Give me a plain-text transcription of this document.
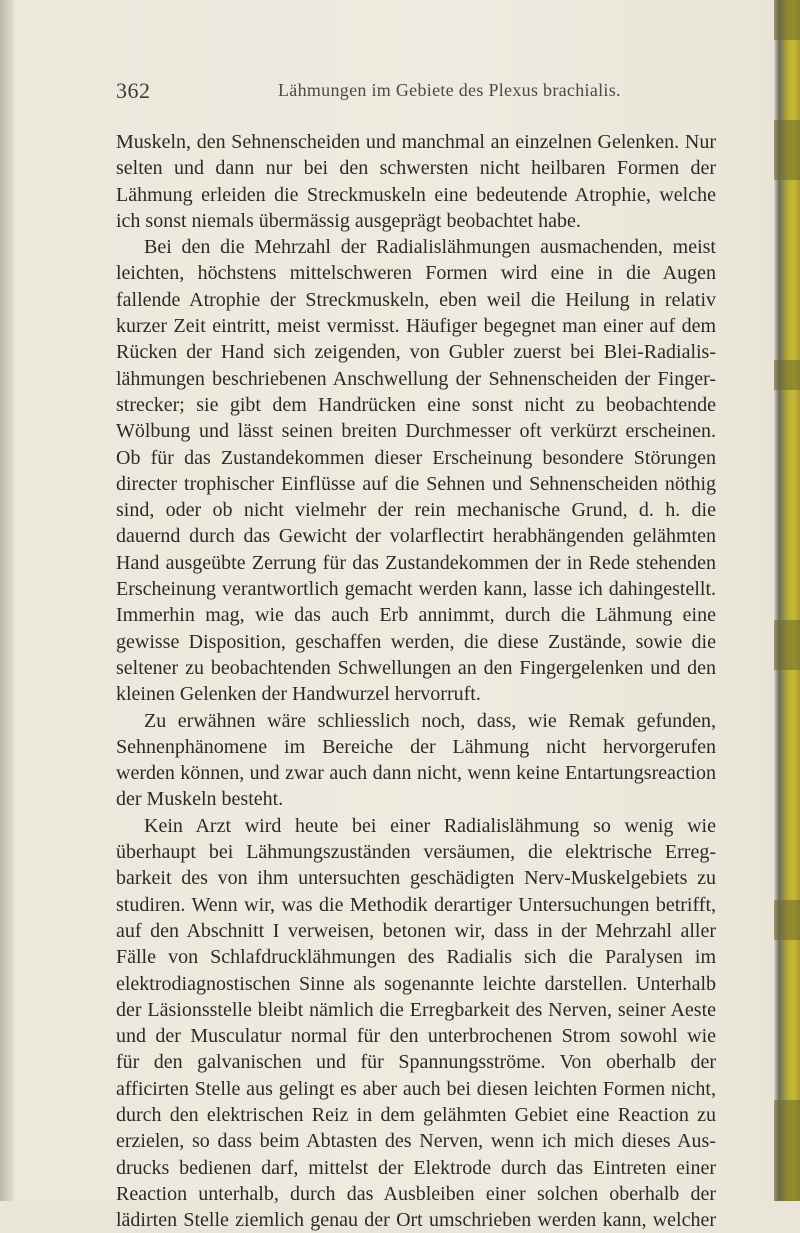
362	Lähmungen im Gebiete des Plexus brachialis.
Muskeln, den Sehnenscheiden und manchmal an einzelnen Gelenken. Nur
selten und dann nur bei den schwersten nicht heilbaren Formen der
Lähmung erleiden die Streckmuskeln eine bedeutende Atrophie, welche
ich sonst niemals übermässig ausgeprägt beobachtet habe.
Bei den die Mehrzahl der Radialislähmungen ausmachenden, meist
leichten, höchstens mittelschweren Formen wird eine in die Augen
fallende Atrophie der Streckmuskeln, eben weil die Heilung in relativ
kurzer Zeit eintritt, meist vermisst. Häufiger begegnet man einer auf dem
Rücken der Hand sich zeigenden, von Gubler zuerst bei Blei-Radialis-
lähmungen beschriebenen Anschwellung der Sehnenscheiden der Finger-
strecker; sie gibt dem Handrücken eine sonst nicht zu beobachtende
Wölbung und lässt seinen breiten Durchmesser oft verkürzt erscheinen.
Ob für das Zustandekommen dieser Erscheinung besondere Störungen
directer trophischer Einflüsse auf die Sehnen und Sehnenscheiden nöthig
sind, oder ob nicht vielmehr der rein mechanische Grund, d. h. die
dauernd durch das Gewicht der volarflectirt herabhängenden gelähmten
Hand ausgeübte Zerrung für das Zustandekommen der in Rede stehenden
Erscheinung verantwortlich gemacht werden kann, lasse ich dahingestellt.
Immerhin mag, wie das auch Erb annimmt, durch die Lähmung eine
gewisse Disposition, geschaffen werden, die diese Zustände, sowie die
seltener zu beobachtenden Schwellungen an den Fingergelenken und den
kleinen Gelenken der Handwurzel hervorruft.
Zu erwähnen wäre schliesslich noch, dass, wie Remak gefunden,
Sehnenphänomene im Bereiche der Lähmung nicht hervorgerufen
werden können, und zwar auch dann nicht, wenn keine Entartungsreaction
der Muskeln besteht.
Kein Arzt wird heute bei einer Radialislähmung so wenig wie
überhaupt bei Lähmungszuständen versäumen, die elektrische Erreg-
barkeit des von ihm untersuchten geschädigten Nerv-Muskelgebiets zu
studiren. Wenn wir, was die Methodik derartiger Untersuchungen betrifft,
auf den Abschnitt I verweisen, betonen wir, dass in der Mehrzahl aller
Fälle von Schlafdrucklähmungen des Radialis sich die Paralysen im
elektrodiagnostischen Sinne als sogenannte leichte darstellen. Unterhalb
der Läsionsstelle bleibt nämlich die Erregbarkeit des Nerven, seiner Aeste
und der Musculatur normal für den unterbrochenen Strom sowohl wie
für den galvanischen und für Spannungsströme. Von oberhalb der
afficirten Stelle aus gelingt es aber auch bei diesen leichten Formen nicht,
durch den elektrischen Reiz in dem gelähmten Gebiet eine Reaction zu
erzielen, so dass beim Abtasten des Nerven, wenn ich mich dieses Aus-
drucks bedienen darf, mittelst der Elektrode durch das Eintreten einer
Reaction unterhalb, durch das Ausbleiben einer solchen oberhalb der
lädirten Stelle ziemlich genau der Ort umschrieben werden kann, welcher
